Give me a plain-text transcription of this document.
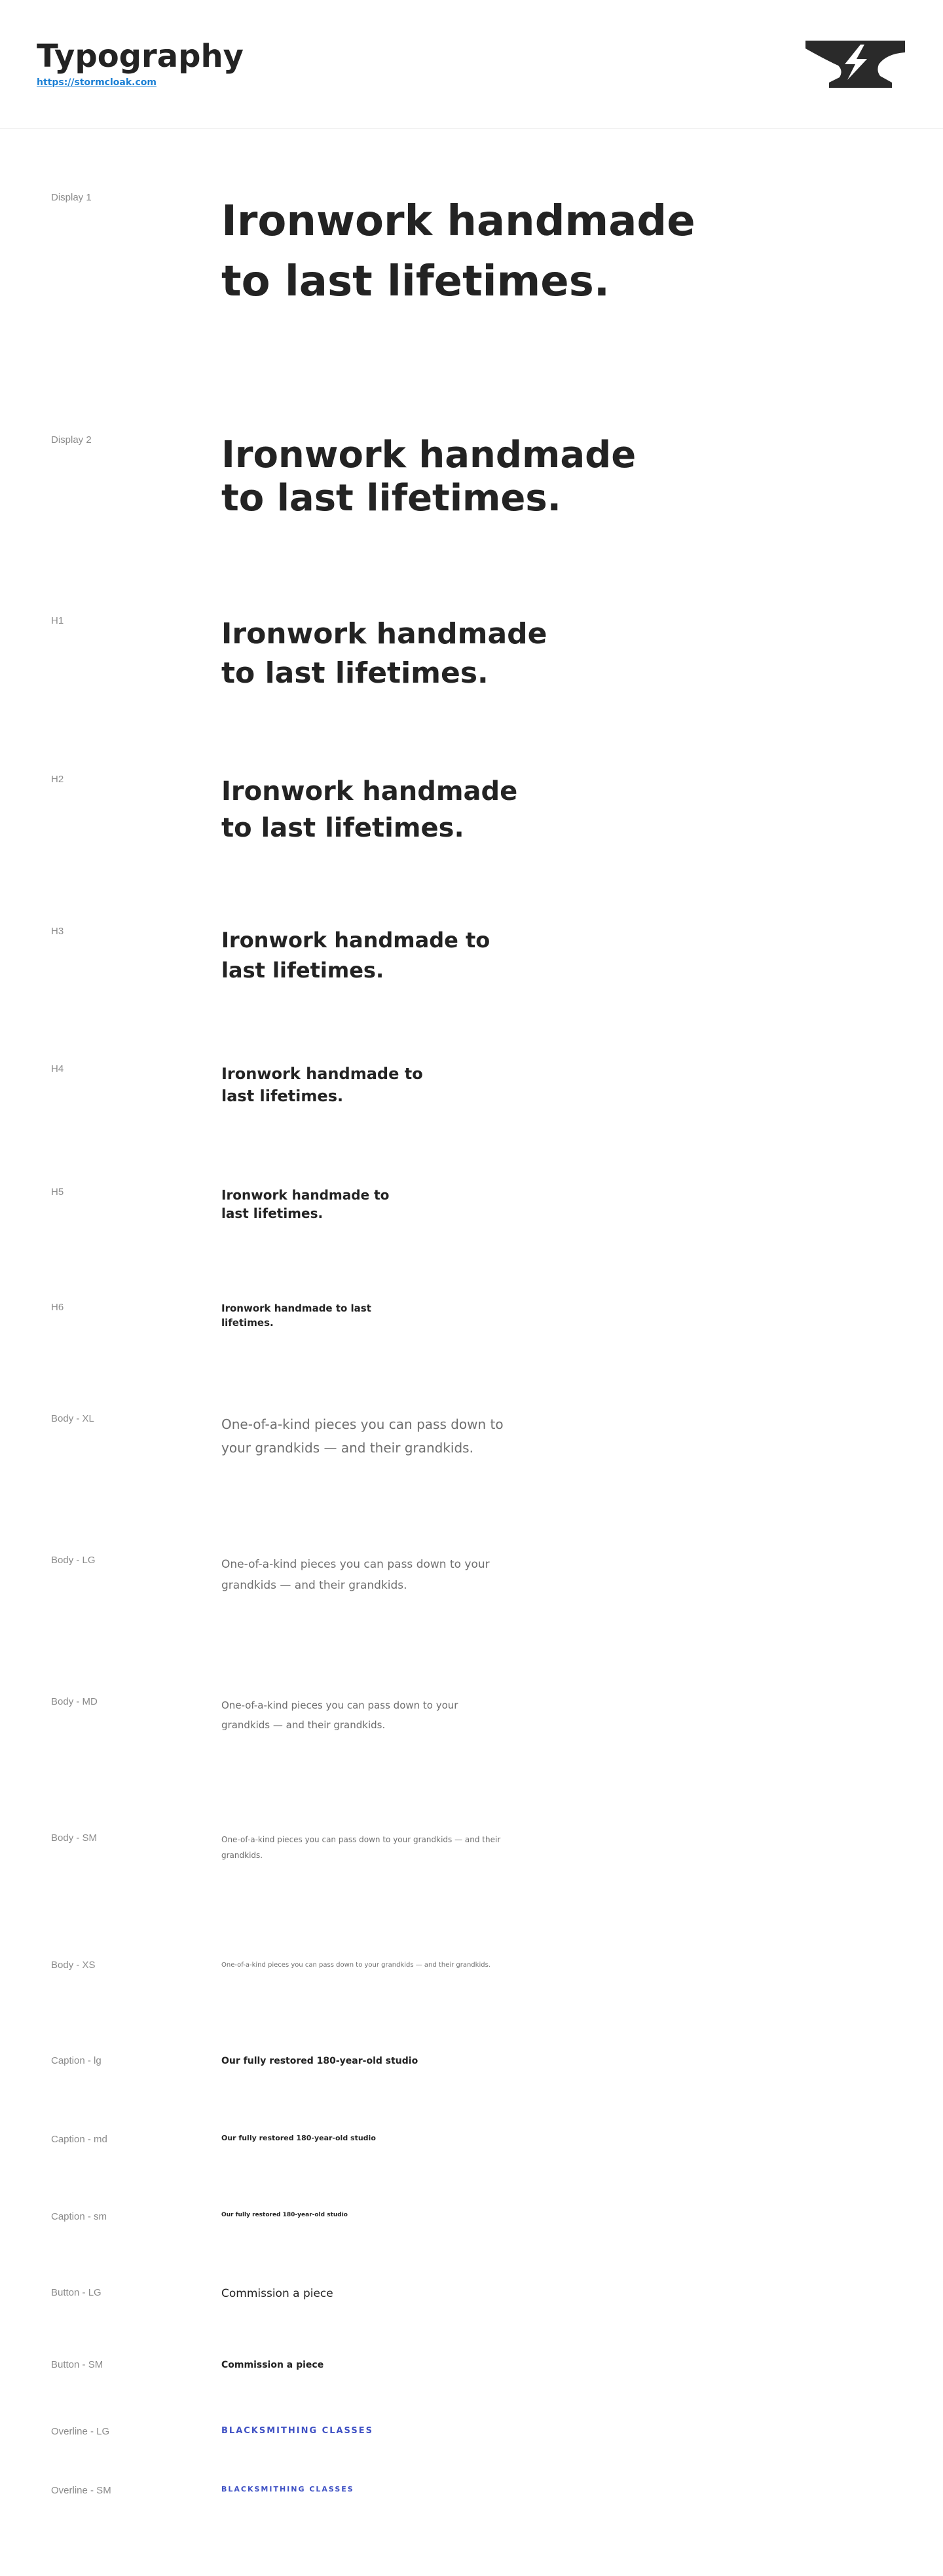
Typography
https://stormcloak.com
Display 1	Ironwork handmade to last lifetimes.

Display 2	Ironwork handmade to last lifetimes.

H1	Ironwork handmade to last lifetimes.

H2	Ironwork handmade to last lifetimes.

H3	Ironwork handmade to last lifetimes.

H4	Ironwork handmade to last lifetimes.

H5	Ironwork handmade to last lifetimes.

H6	Ironwork handmade to last lifetimes.

Body - XL	One-of-a-kind pieces you can pass down to your grandkids — and their grandkids.

Body - LG	One-of-a-kind pieces you can pass down to your grandkids — and their grandkids.

Body - MD	One-of-a-kind pieces you can pass down to your grandkids — and their grandkids.

Body - SM	One-of-a-kind pieces you can pass down to your grandkids — and their grandkids.

Body - XS	One-of-a-kind pieces you can pass down to your grandkids — and their grandkids.

Caption - lg	Our fully restored 180-year-old studio

Caption - md	Our fully restored 180-year-old studio

Caption - sm	Our fully restored 180-year-old studio

Button - LG	Commission a piece

Button - SM	Commission a piece

Overline - LG	BLACKSMITHING CLASSES

Overline - SM	BLACKSMITHING CLASSES
